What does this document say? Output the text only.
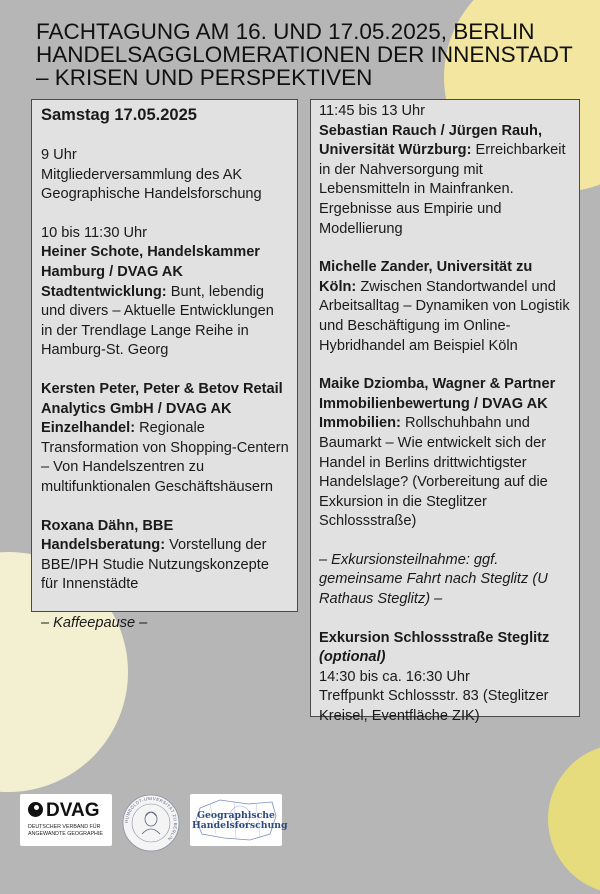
FACHTAGUNG AM 16. UND 17.05.2025, BERLIN
HANDELSAGGLOMERATIONEN DER INNENSTADT
– KRISEN UND PERSPEKTIVEN

Samstag 17.05.2025

9 Uhr

Mitgliederversammlung des AK Geographische Handelsforschung

10 bis 11:30 Uhr

Heiner Schote, Handelskammer Hamburg / DVAG AK Stadtentwicklung: Bunt, lebendig und divers – Aktuelle Entwicklungen in der Trendlage Lange Reihe in Hamburg-St. Georg

Kersten Peter, Peter & Betov Retail Analytics GmbH / DVAG AK Einzelhandel: Regionale Transformation von Shopping-Centern – Von Handelszentren zu multifunktionalen Geschäftshäusern

Roxana Dähn, BBE Handelsberatung: Vorstellung der BBE/IPH Studie Nutzungskonzepte für Innenstädte

– Kaffeepause –

11:45 bis 13 Uhr

Sebastian Rauch / Jürgen Rauh, Universität Würzburg: Erreichbarkeit in der Nahversorgung mit Lebensmitteln in Mainfranken. Ergebnisse aus Empirie und Modellierung

Michelle Zander, Universität zu Köln: Zwischen Standortwandel und Arbeitsalltag – Dynamiken von Logistik und Beschäftigung im Online-Hybridhandel am Beispiel Köln

Maike Dziomba, Wagner & Partner Immobilienbewertung / DVAG AK Immobilien: Rollschuhbahn und Baumarkt – Wie entwickelt sich der Handel in Berlins drittwichtigster Handelslage? (Vorbereitung auf die Exkursion in die Steglitzer Schlossstraße)

– Exkursionsteilnahme: ggf. gemeinsame Fahrt nach Steglitz (U Rathaus Steglitz) –

Exkursion Schlossstraße Steglitz (optional)

14:30 bis ca. 16:30 Uhr

Treffpunkt Schlossstr. 83 (Steglitzer Kreisel, Eventfläche ZIK)

DVAG
DEUTSCHER VERBAND FÜR ANGEWANDTE GEOGRAPHIE
HUMBOLDT-UNIVERSITÄT ZU BERLIN
Geographische Handelsforschung
